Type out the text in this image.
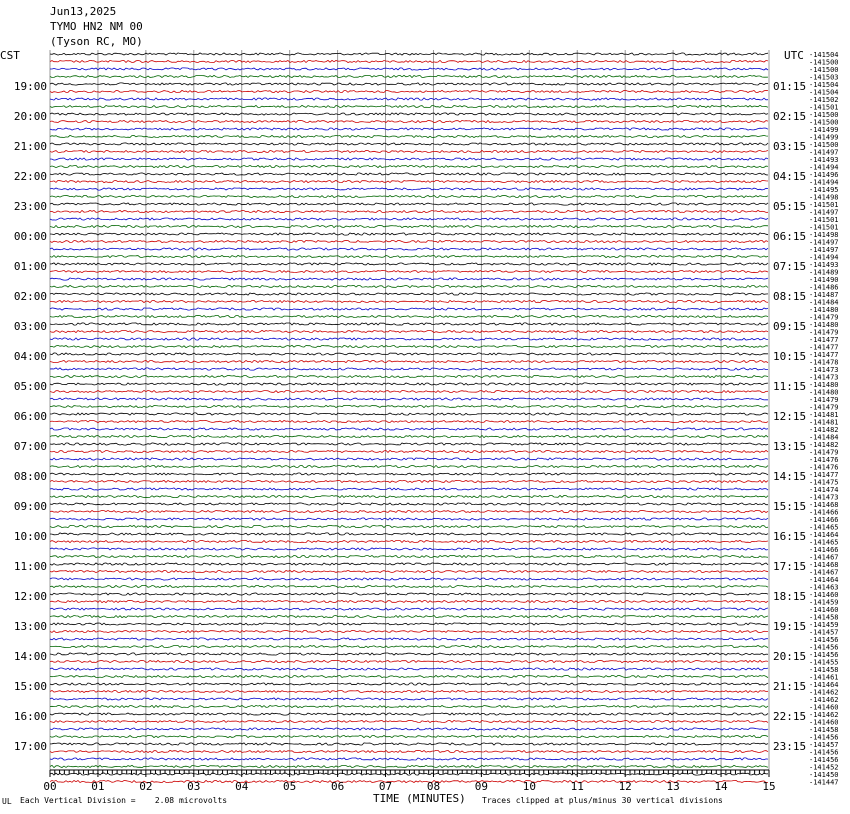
Jun13,2025
TYMO HN2 NM 00
(Tyson RC, MO)
00	01	02	03	04	05	06	07	08	09	10	11	12	13	14	15
19:00
20:00
21:00
22:00
23:00
00:00
01:00
02:00
03:00
04:00
05:00
06:00
07:00
08:00
09:00
10:00
11:00
12:00
13:00
14:00
15:00
16:00
17:00
01:15
02:15
03:15
04:15
05:15
06:15
07:15
08:15
09:15
10:15
11:15
12:15
13:15
14:15
15:15
16:15
17:15
18:15
19:15
20:15
21:15
22:15
23:15
-141504
-141500
-141500
-141503
-141504
-141504
-141502
-141501
-141500
-141500
-141499
-141499
-141500
-141497
-141493
-141494
-141496
-141494
-141495
-141498
-141501
-141497
-141501
-141501
-141498
-141497
-141497
-141494
-141493
-141489
-141490
-141486
-141487
-141484
-141480
-141479
-141480
-141479
-141477
-141477
-141477
-141478
-141473
-141473
-141480
-141480
-141479
-141479
-141481
-141481
-141482
-141484
-141482
-141479
-141476
-141476
-141477
-141475
-141474
-141473
-141468
-141466
-141466
-141465
-141464
-141465
-141466
-141467
-141468
-141467
-141464
-141463
-141460
-141459
-141460
-141458
-141459
-141457
-141456
-141456
-141456
-141455
-141458
-141461
-141464
-141462
-141462
-141460
-141462
-141460
-141458
-141456
-141457
-141456
-141456
-141452
-141450
-141447
CST	UTC
UL Each Vertical Division =    2.08 microvolts	TIME (MINUTES) Traces clipped at plus/minus 30 vertical divisions
